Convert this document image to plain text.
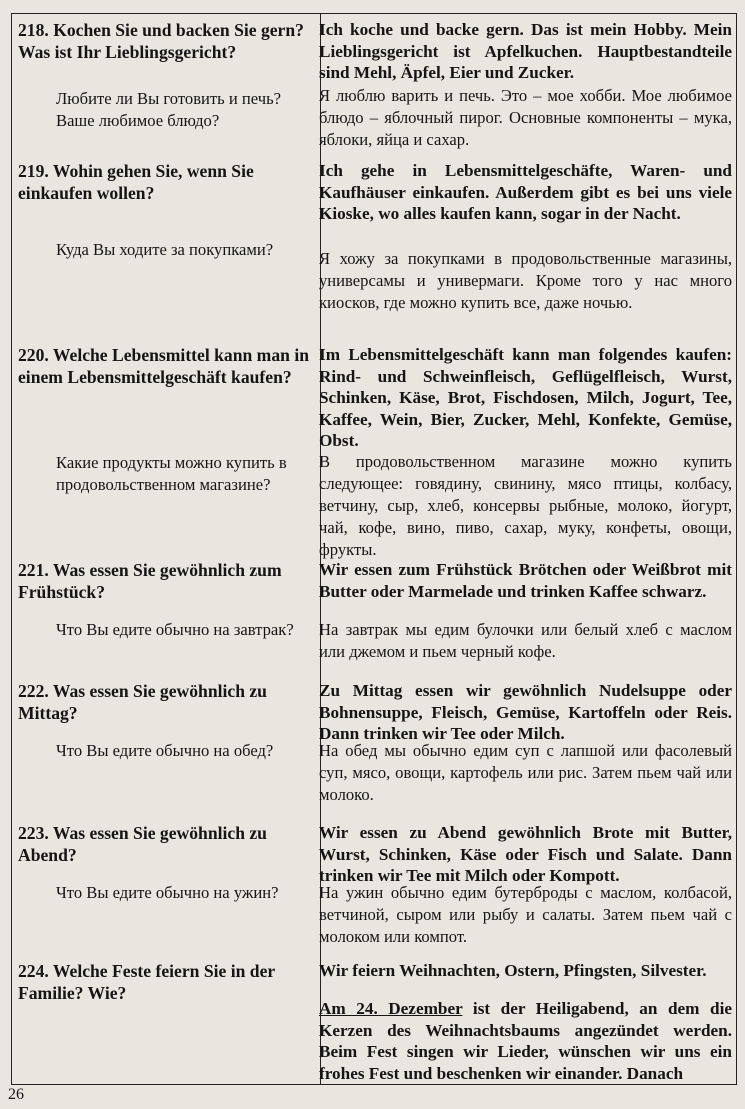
218. Kochen Sie und backen Sie gern? Was ist Ihr Lieblingsgericht?
Любите ли Вы готовить и печь? Ваше любимое блюдо?
Ich koche und backe gern. Das ist mein Hobby. Mein Lieblingsgericht ist Apfelkuchen. Hauptbestandteile sind Mehl, Äpfel, Eier und Zucker.
Я люблю варить и печь. Это – мое хобби. Мое любимое блюдо – яблочный пирог. Основные компоненты – мука, яблоки, яйца и сахар.
219. Wohin gehen Sie, wenn Sie einkaufen wollen?
Куда Вы ходите за покупками?
Ich gehe in Lebensmittelgeschäfte, Waren- und Kaufhäuser einkaufen. Außerdem gibt es bei uns viele Kioske, wo alles kaufen kann, sogar in der Nacht.
Я хожу за покупками в продовольственные магазины, универсамы и универмаги. Кроме того у нас много киосков, где можно купить все, даже ночью.
220. Welche Lebensmittel kann man in einem Lebensmittelgeschäft kaufen?
Какие продукты можно купить в продовольственном магазине?
Im Lebensmittelgeschäft kann man folgendes kaufen: Rind- und Schweinfleisch, Geflügelfleisch, Wurst, Schinken, Käse, Brot, Fischdosen, Milch, Jogurt, Tee, Kaffee, Wein, Bier, Zucker, Mehl, Konfekte, Gemüse, Obst.
В продовольственном магазине можно купить следующее: говядину, свинину, мясо птицы, колбасу, ветчину, сыр, хлеб, консервы рыбные, молоко, йогурт, чай, кофе, вино, пиво, сахар, муку, конфеты, овощи, фрукты.
221. Was essen Sie gewöhnlich zum Frühstück?
Что Вы едите обычно на завтрак?
Wir essen zum Frühstück Brötchen oder Weißbrot mit Butter oder Marmelade und trinken Kaffee schwarz.
На завтрак мы едим булочки или белый хлеб с маслом или джемом и пьем черный кофе.
222. Was essen Sie gewöhnlich zu Mittag?
Что Вы едите обычно на обед?
Zu Mittag essen wir gewöhnlich Nudelsuppe oder Bohnensuppe, Fleisch, Gemüse, Kartoffeln oder Reis. Dann trinken wir Tee oder Milch.
На обед мы обычно едим суп с лапшой или фасолевый суп, мясо, овощи, картофель или рис. Затем пьем чай или молоко.
223. Was essen Sie gewöhnlich zu Abend?
Что Вы едите обычно на ужин?
Wir essen zu Abend gewöhnlich Brote mit Butter, Wurst, Schinken, Käse oder Fisch und Salate. Dann trinken wir Tee mit Milch oder Kompott.
На ужин обычно едим бутерброды с маслом, колбасой, ветчиной, сыром или рыбу и салаты. Затем пьем чай с молоком или компот.
224. Welche Feste feiern Sie in der Familie? Wie?
Wir feiern Weihnachten, Ostern, Pfingsten, Silvester.
Am 24. Dezember ist der Heiligabend, an dem die Kerzen des Weihnachtsbaums angezündet werden. Beim Fest singen wir Lieder, wünschen wir uns ein frohes Fest und beschenken wir einander. Danach
26
